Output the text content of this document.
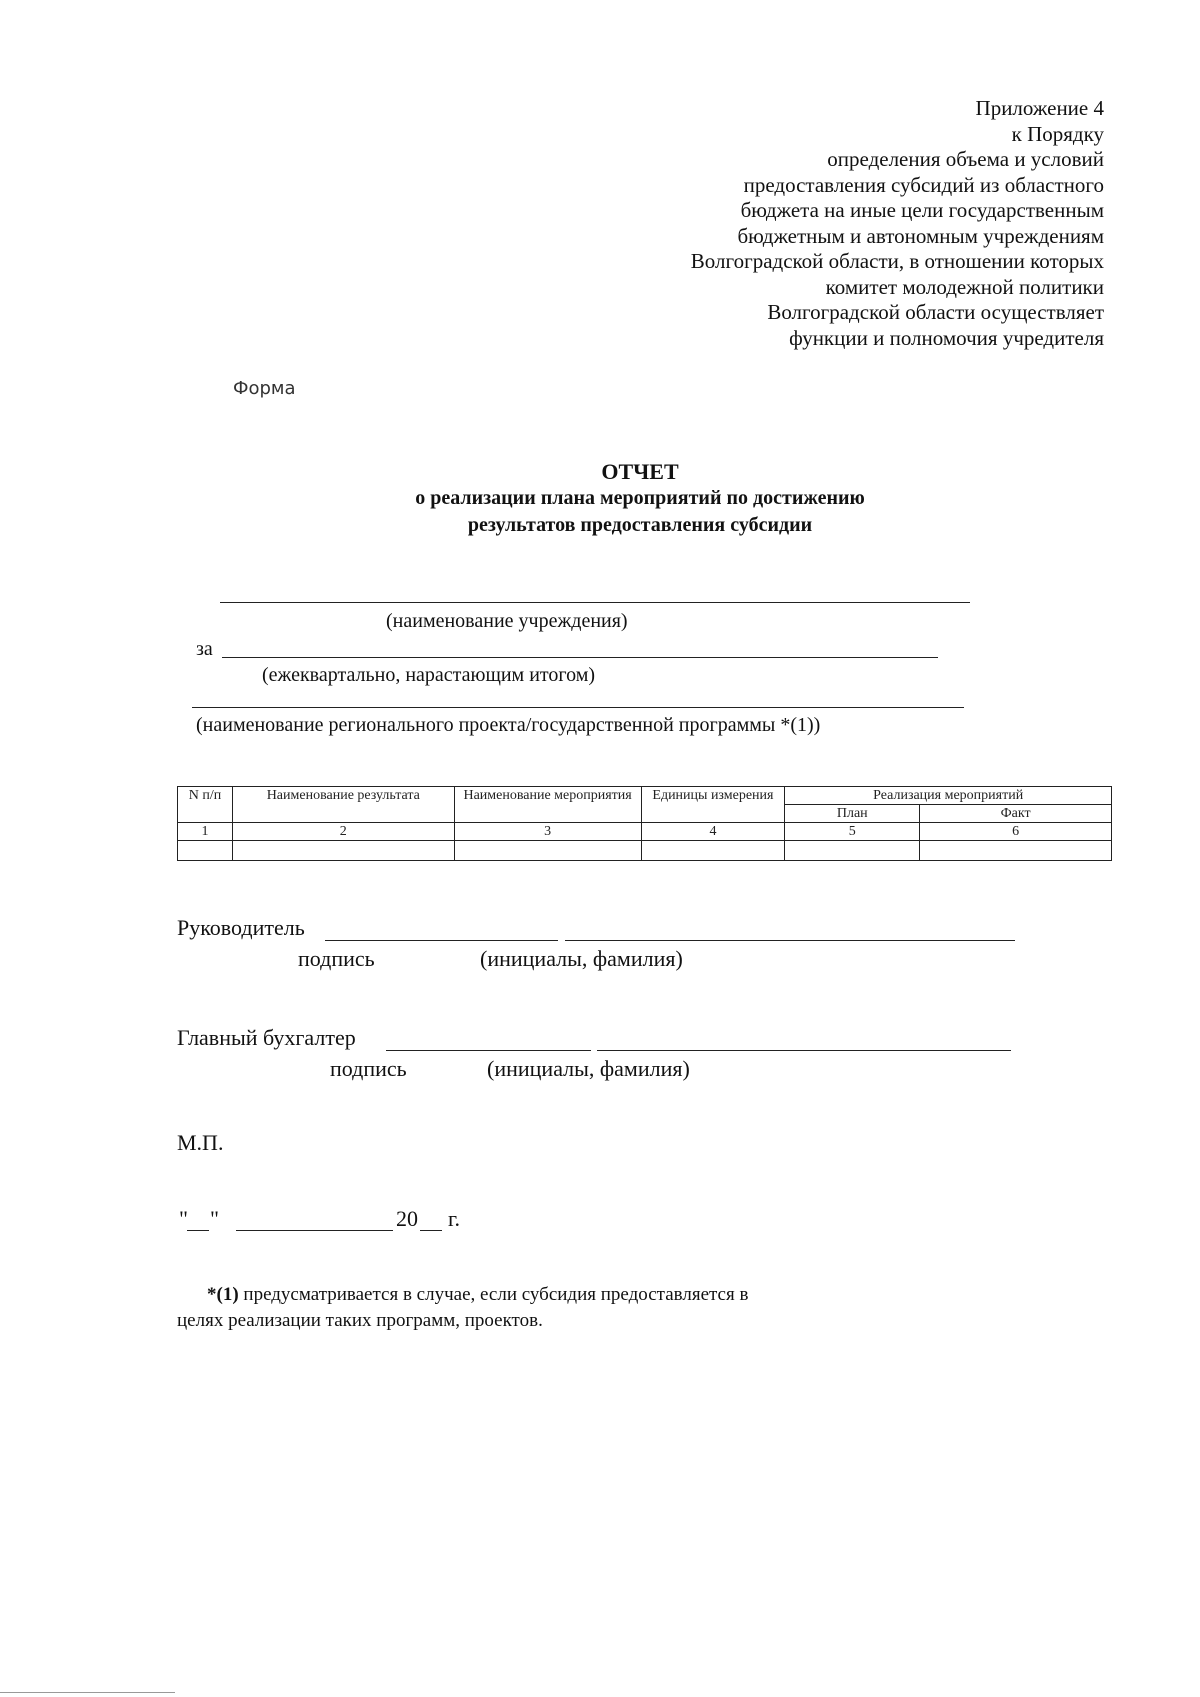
Приложение 4
к Порядку
определения объема и условий
предоставления субсидий из областного
бюджета на иные цели государственным
бюджетным и автономным учреждениям
Волгоградской области, в отношении которых
комитет молодежной политики
Волгоградской области осуществляет
функции и полномочия учредителя
Форма
ОТЧЕТ
о реализации плана мероприятий по достижению
результатов предоставления субсидии
(наименование учреждения)
за
(ежеквартально, нарастающим итогом)
(наименование регионального проекта/государственной программы *(1))
N п/п	Наименование результата	Наименование мероприятия	Единицы измерения	Реализация мероприятий	
				План	Факт
1	2	3	4	5	6

Руководитель
подпись	(инициалы, фамилия)
Главный бухгалтер
подпись	(инициалы, фамилия)
М.П.
" "	20 г.
*(1) предусматривается в случае, если субсидия предоставляется в
целях реализации таких программ, проектов.
